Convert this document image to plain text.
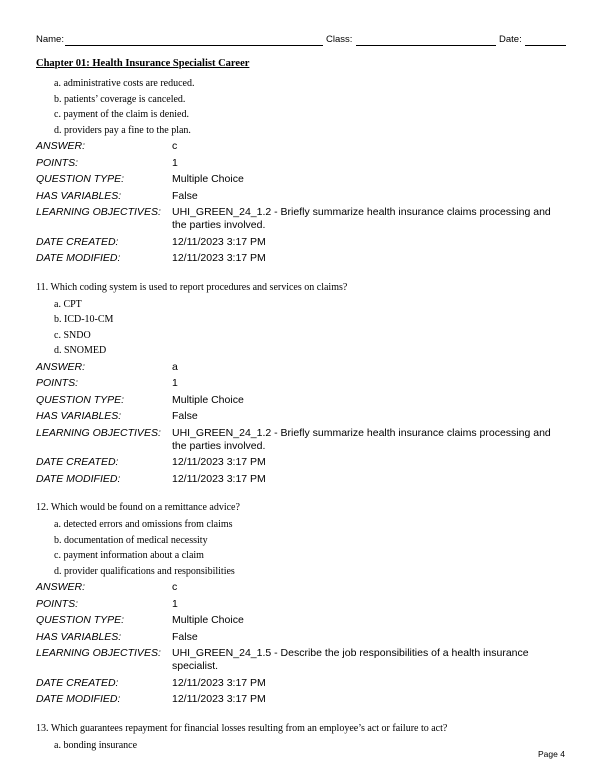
Name:	Class:	Date:
Chapter 01: Health Insurance Specialist Career
a. administrative costs are reduced.
b. patients’ coverage is canceled.
c. payment of the claim is denied.
d. providers pay a fine to the plan.
ANSWER:	c
POINTS:	1
QUESTION TYPE:	Multiple Choice
HAS VARIABLES:	False
LEARNING OBJECTIVES:	UHI_GREEN_24_1.2 - Briefly summarize health insurance claims processing and the parties involved.
DATE CREATED:	12/11/2023 3:17 PM
DATE MODIFIED:	12/11/2023 3:17 PM
11. Which coding system is used to report procedures and services on claims?
a. CPT
b. ICD-10-CM
c. SNDO
d. SNOMED
ANSWER:	a
POINTS:	1
QUESTION TYPE:	Multiple Choice
HAS VARIABLES:	False
LEARNING OBJECTIVES:	UHI_GREEN_24_1.2 - Briefly summarize health insurance claims processing and the parties involved.
DATE CREATED:	12/11/2023 3:17 PM
DATE MODIFIED:	12/11/2023 3:17 PM
12. Which would be found on a remittance advice?
a. detected errors and omissions from claims
b. documentation of medical necessity
c. payment information about a claim
d. provider qualifications and responsibilities
ANSWER:	c
POINTS:	1
QUESTION TYPE:	Multiple Choice
HAS VARIABLES:	False
LEARNING OBJECTIVES:	UHI_GREEN_24_1.5 - Describe the job responsibilities of a health insurance specialist.
DATE CREATED:	12/11/2023 3:17 PM
DATE MODIFIED:	12/11/2023 3:17 PM
13. Which guarantees repayment for financial losses resulting from an employee’s act or failure to act?
a. bonding insurance
Page 4
